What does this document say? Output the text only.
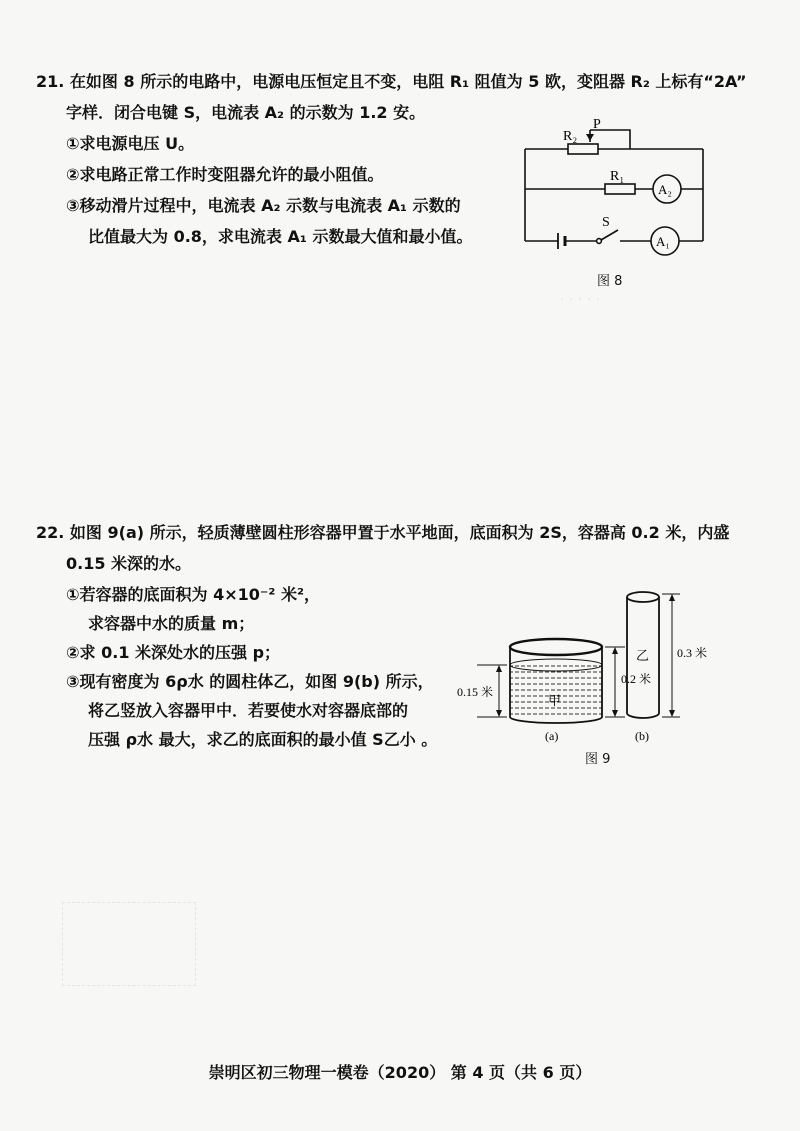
· · · · ·
21. 在如图 8 所示的电路中，电源电压恒定且不变，电阻 R₁ 阻值为 5 欧，变阻器 R₂ 上标有“2A”
字样．闭合电键 S，电流表 A₂ 的示数为 1.2 安。
①求电源电压 U。
②求电路正常工作时变阻器允许的最小阻值。
③移动滑片过程中，电流表 A₂ 示数与电流表 A₁ 示数的
比值最大为 0.8，求电流表 A₁ 示数最大值和最小值。
R₂
P
R₁
A₂
S
A₁
图 8
22. 如图 9(a) 所示，轻质薄壁圆柱形容器甲置于水平地面，底面积为 2S，容器高 0.2 米，内盛
0.15 米深的水。
①若容器的底面积为 4×10⁻² 米²，
求容器中水的质量 m；
②求 0.1 米深处水的压强 p；
③现有密度为 6ρ水 的圆柱体乙，如图 9(b) 所示，
将乙竖放入容器甲中．若要使水对容器底部的
压强 ρ水 最大，求乙的底面积的最小值 S乙小 。
甲
0.15 米
0.2 米
乙 0.3 米
(a)	(b)
图 9
崇明区初三物理一模卷（2020） 第 4 页（共 6 页）
